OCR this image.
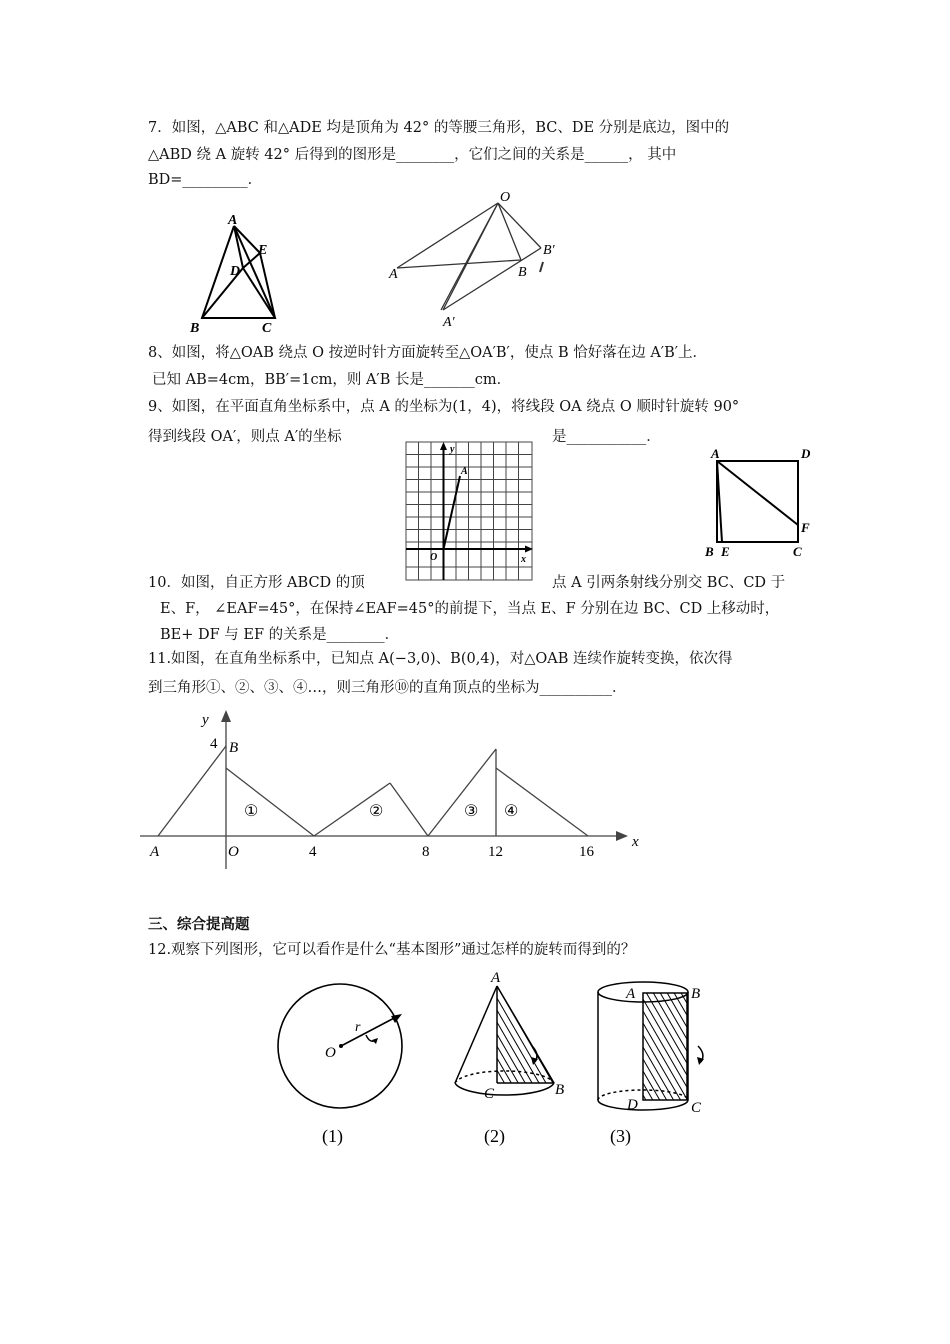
7．如图，△ABC 和△ADE 均是顶角为 42° 的等腰三角形，BC、DE 分别是底边，图中的
△ABD 绕 A 旋转 42° 后得到的图形是________，它们之间的关系是______， 其中
BD=_________．
A
E
D
B	C
O
A	B
B′
A′
8、如图，将△OAB 绕点 O 按逆时针方面旋转至△OA′B′，使点 B 恰好落在边 A′B′上．
已知 AB=4cm，BB′=1cm，则 A′B 长是_______cm．
9、如图，在平面直角坐标系中，点 A 的坐标为(1，4)，将线段 OA 绕点 O 顺时针旋转 90°
得到线段 OA′，则点 A′的坐标	是___________．
y
x
A
O
A	D
F
B E	C
10．如图，自正方形 ABCD 的顶	点 A 引两条射线分别交 BC、CD 于
E、F， ∠EAF=45°，在保持∠EAF=45°的前提下，当点 E、F 分别在边 BC、CD 上移动时，
BE+ DF 与 EF 的关系是________．
11.如图，在直角坐标系中，已知点 A(−3,0)、B(0,4)，对△OAB 连续作旋转变换，依次得
到三角形①、②、③、④…，则三角形⑩的直角顶点的坐标为__________．
y
4 B
x
A	O	4	8	12	16
①	②	③ ④
三、综合提高题
12.观察下列图形，它可以看作是什么“基本图形”通过怎样的旋转而得到的？
O
r
(1)
A
C	B
(2)
A	B
D	C
(3)
